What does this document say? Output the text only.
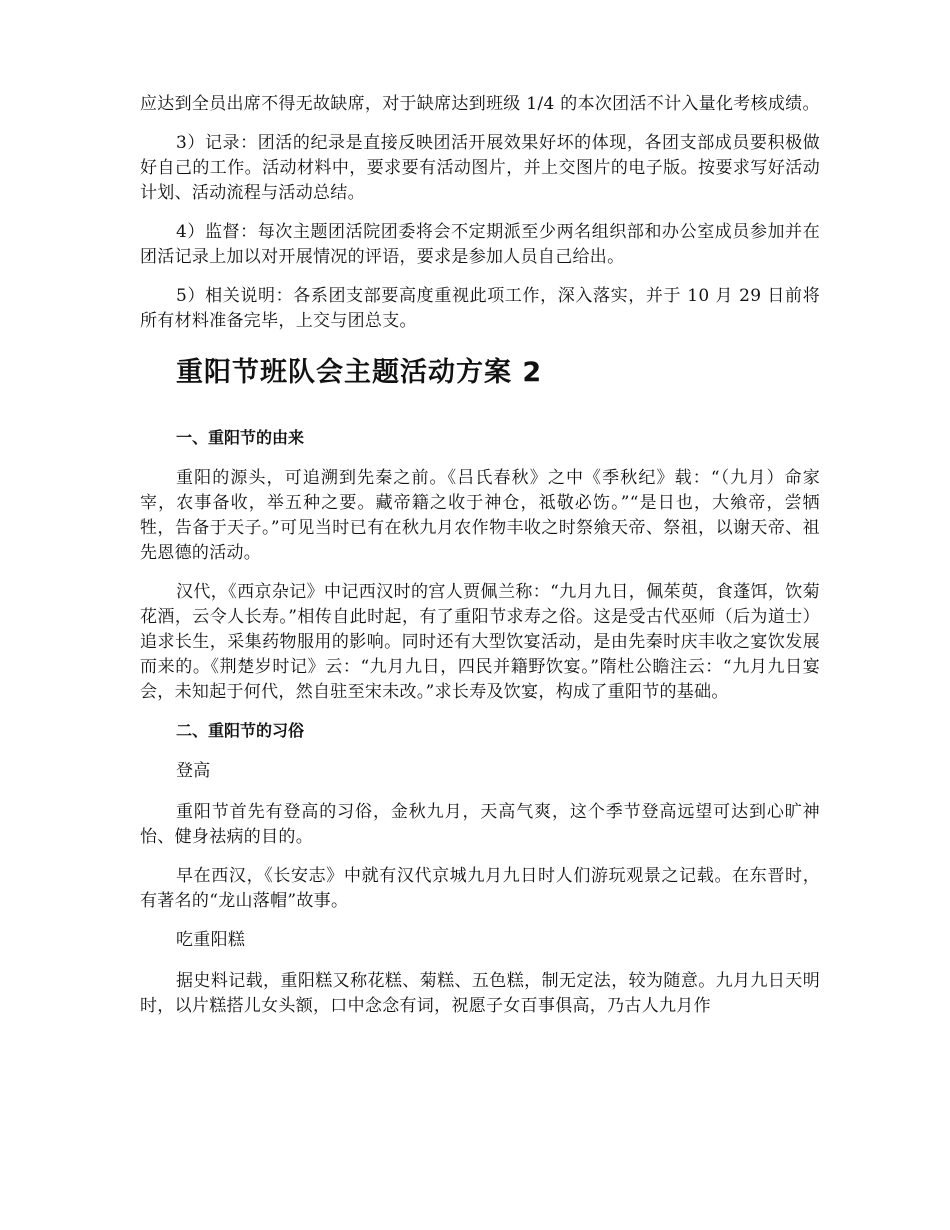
应达到全员出席不得无故缺席，对于缺席达到班级 1/4 的本次团活不计入量化考核成绩。

3）记录：团活的纪录是直接反映团活开展效果好坏的体现，各团支部成员要积极做好自己的工作。活动材料中，要求要有活动图片，并上交图片的电子版。按要求写好活动计划、活动流程与活动总结。

4）监督：每次主题团活院团委将会不定期派至少两名组织部和办公室成员参加并在团活记录上加以对开展情况的评语，要求是参加人员自己给出。

5）相关说明：各系团支部要高度重视此项工作，深入落实，并于 10 月 29 日前将所有材料准备完毕，上交与团总支。

重阳节班队会主题活动方案 2
一、重阳节的由来

重阳的源头，可追溯到先秦之前。《吕氏春秋》之中《季秋纪》载：“（九月）命家宰，农事备收，举五种之要。藏帝籍之收于神仓，祗敬必饬。”“是日也，大飨帝，尝牺牲，告备于天子。”可见当时已有在秋九月农作物丰收之时祭飨天帝、祭祖，以谢天帝、祖先恩德的活动。

汉代，《西京杂记》中记西汉时的宫人贾佩兰称：“九月九日，佩茱萸，食蓬饵，饮菊花酒，云令人长寿。”相传自此时起，有了重阳节求寿之俗。这是受古代巫师（后为道士）追求长生，采集药物服用的影响。同时还有大型饮宴活动，是由先秦时庆丰收之宴饮发展而来的。《荆楚岁时记》云：“九月九日，四民并籍野饮宴。”隋杜公瞻注云：“九月九日宴会，未知起于何代，然自驻至宋未改。”求长寿及饮宴，构成了重阳节的基础。

二、重阳节的习俗

登高

重阳节首先有登高的习俗，金秋九月，天高气爽，这个季节登高远望可达到心旷神怡、健身祛病的目的。

早在西汉，《长安志》中就有汉代京城九月九日时人们游玩观景之记载。在东晋时，有著名的“龙山落帽”故事。

吃重阳糕

据史料记载，重阳糕又称花糕、菊糕、五色糕，制无定法，较为随意。九月九日天明时，以片糕搭儿女头额，口中念念有词，祝愿子女百事俱高，乃古人九月作
